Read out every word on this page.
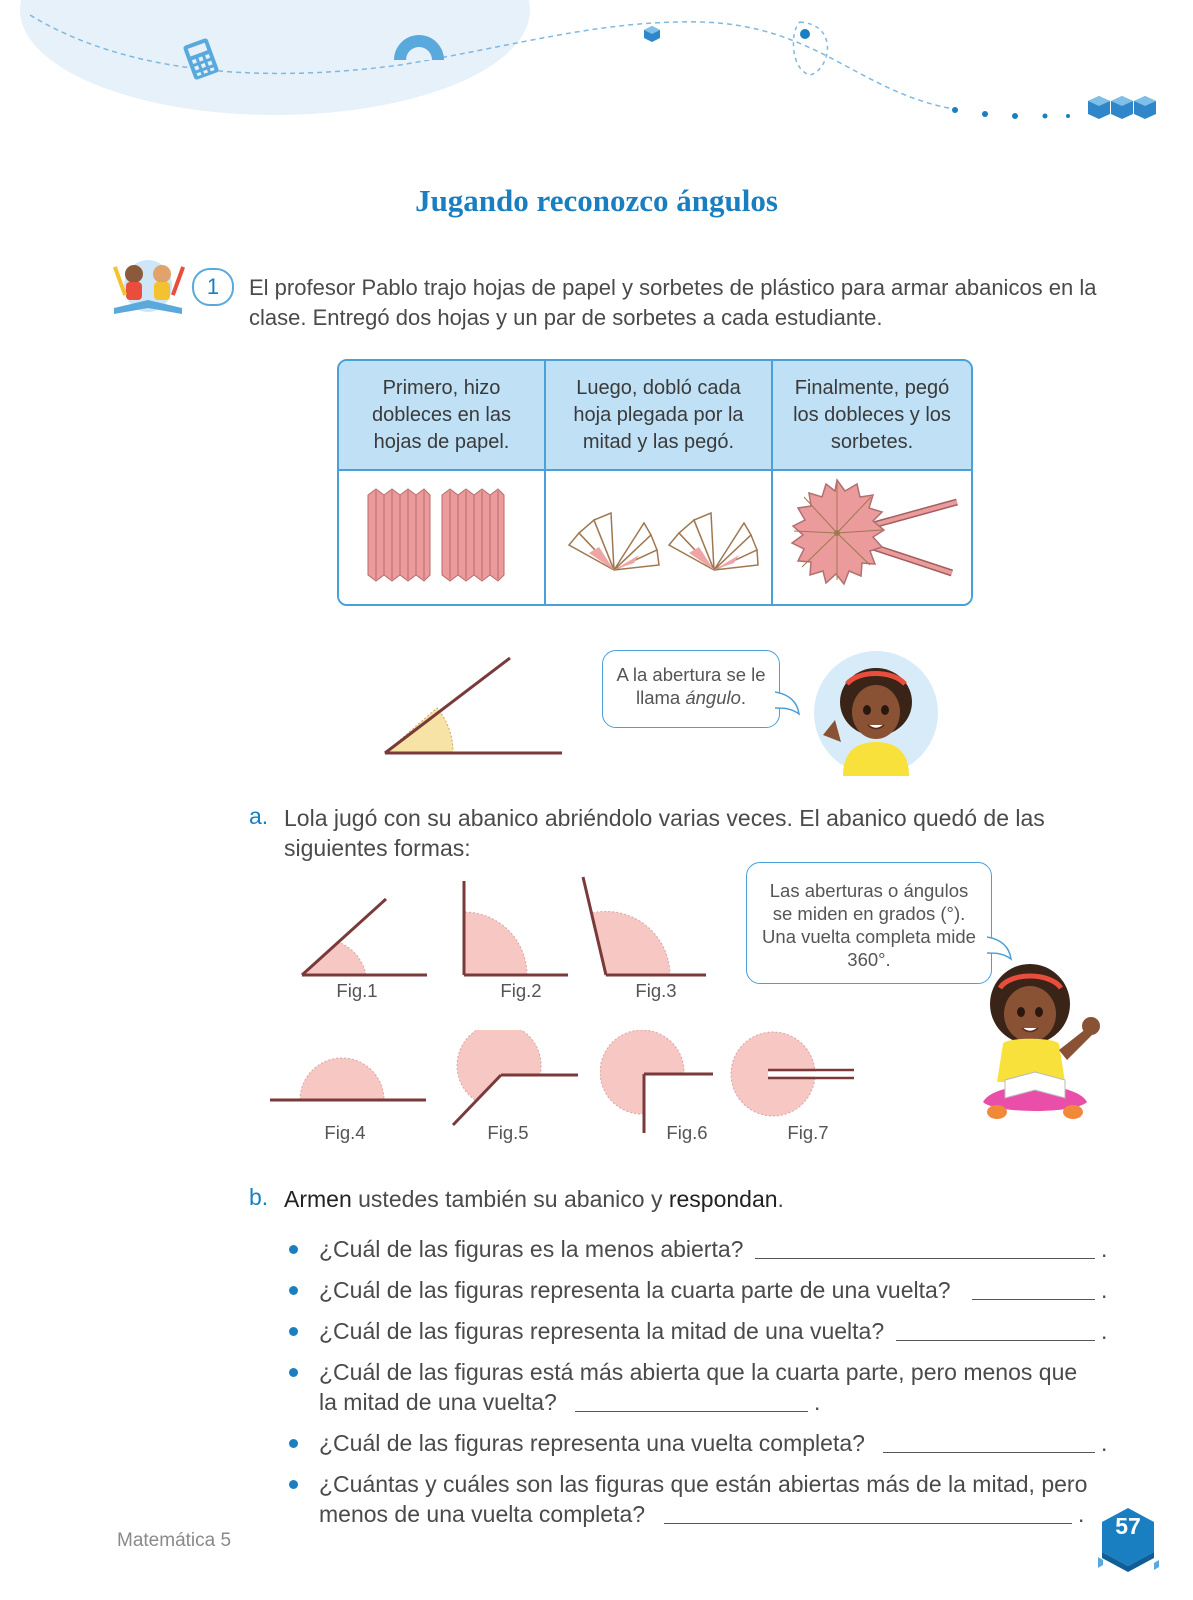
Jugando reconozco ángulos
1	El profesor Pablo trajo hojas de papel y sorbetes de plástico para armar abanicos en la clase. Entregó dos hojas y un par de sorbetes a cada estudiante.
Primero, hizo dobleces en las hojas de papel.	Luego, dobló cada hoja plegada por la mitad y las pegó.	Finalmente, pegó los dobleces y los sorbetes.

A la abertura se le llama ángulo.
a. Lola jugó con su abanico abriéndolo varias veces. El abanico quedó de las siguientes formas:
Fig.1	Fig.2	Fig.3
Las aberturas o ángulos se miden en grados (°). Una vuelta completa mide 360°.
Fig.4	Fig.5	Fig.6	Fig.7
b. Armen ustedes también su abanico y respondan.
¿Cuál de las figuras es la menos abierta?	.
¿Cuál de las figuras representa la cuarta parte de una vuelta?	.
¿Cuál de las figuras representa la mitad de una vuelta?	.
¿Cuál de las figuras está más abierta que la cuarta parte, pero menos que
la mitad de una vuelta?	.
¿Cuál de las figuras representa una vuelta completa?	.
¿Cuántas y cuáles son las figuras que están abiertas más de la mitad, pero
menos de una vuelta completa?	.
Matemática 5
57
